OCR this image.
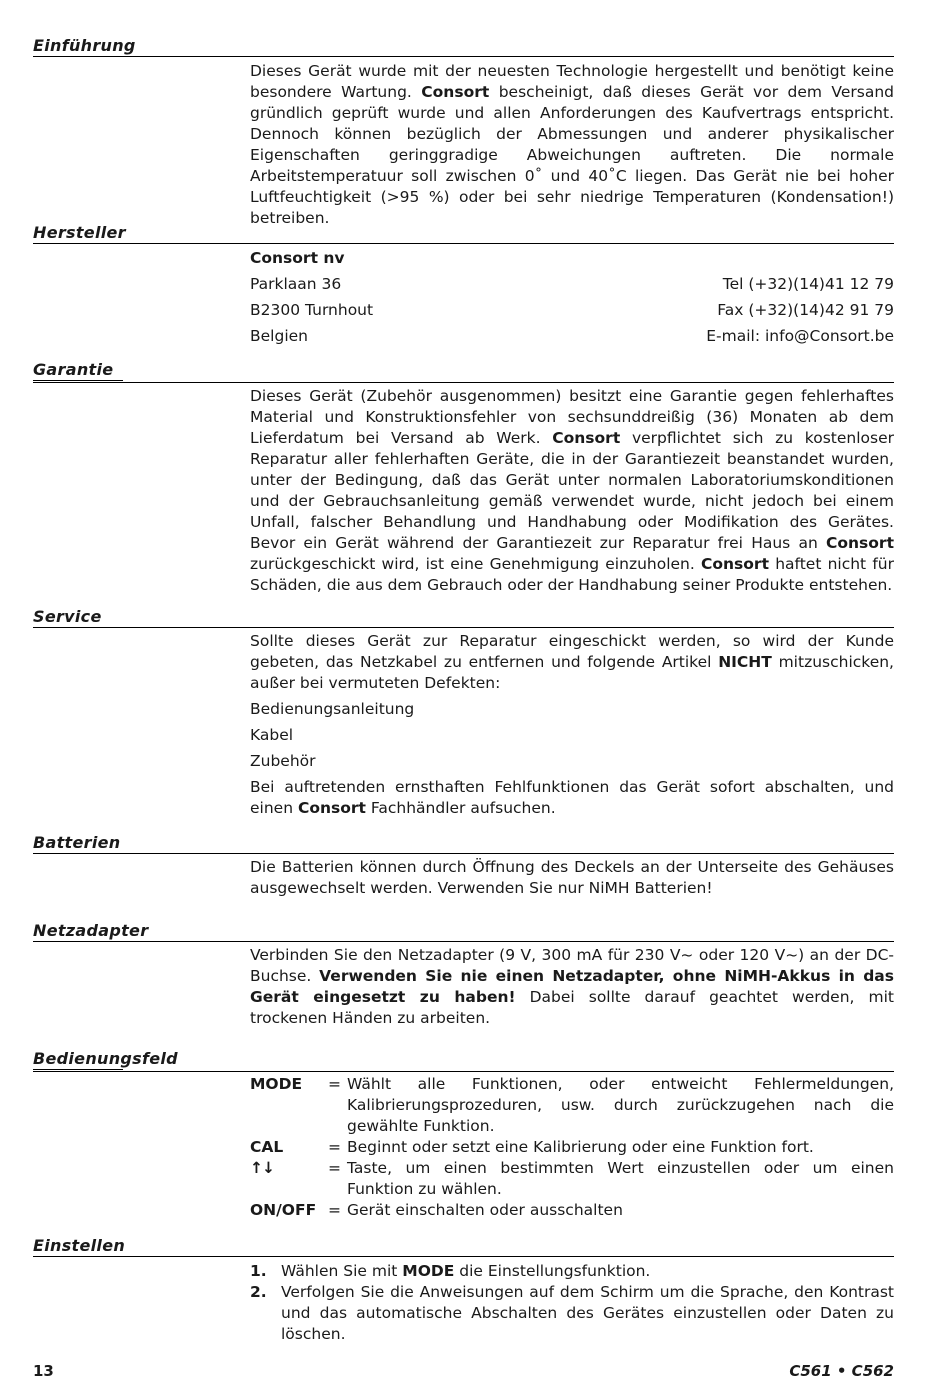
Einführung

Dieses Gerät wurde mit der neuesten Technologie hergestellt und benötigt keine besondere Wartung. Consort bescheinigt, daß dieses Gerät vor dem Versand gründlich geprüft wurde und allen Anforderungen des Kaufvertrags entspricht. Dennoch können bezüglich der Abmessungen und anderer physikalischer Eigenschaften geringgradige Abweichungen auftreten. Die normale Arbeitstemperatuur soll zwischen 0˚ und 40˚C liegen. Das Gerät nie bei hoher Luftfeuchtigkeit (>95 %) oder bei sehr niedrige Temperaturen (Kondensation!) betreiben.

Hersteller
Consort nv
Parklaan 36	Tel (+32)(14)41 12 79
B2300 Turnhout	Fax (+32)(14)42 91 79
Belgien	E-mail: info@Consort.be
Garantie

Dieses Gerät (Zubehör ausgenommen) besitzt eine Garantie gegen fehlerhaftes Material und Konstruktionsfehler von sechsunddreißig (36) Monaten ab dem Lieferdatum bei Versand ab Werk. Consort verpflichtet sich zu kostenloser Reparatur aller fehlerhaften Geräte, die in der Garantiezeit beanstandet wurden, unter der Bedingung, daß das Gerät unter normalen Laboratoriumskonditionen und der Gebrauchsanleitung gemäß verwendet wurde, nicht jedoch bei einem Unfall, falscher Behandlung und Handhabung oder Modifikation des Gerätes. Bevor ein Gerät während der Garantiezeit zur Reparatur frei Haus an Consort zurückgeschickt wird, ist eine Genehmigung einzuholen. Consort haftet nicht für Schäden, die aus dem Gebrauch oder der Handhabung seiner Produkte entstehen.

Service

Sollte dieses Gerät zur Reparatur eingeschickt werden, so wird der Kunde gebeten, das Netzkabel zu entfernen und folgende Artikel NICHT mitzuschicken, außer bei vermuteten Defekten:

Bedienungsanleitung
Kabel
Zubehör

Bei auftretenden ernsthaften Fehlfunktionen das Gerät sofort abschalten, und einen Consort Fachhändler aufsuchen.

Batterien

Die Batterien können durch Öffnung des Deckels an der Unterseite des Gehäuses ausgewechselt werden. Verwenden Sie nur NiMH Batterien!

Netzadapter

Verbinden Sie den Netzadapter (9 V, 300 mA für 230 V~ oder 120 V~) an der DC-Buchse. Verwenden Sie nie einen Netzadapter, ohne NiMH-Akkus in das Gerät eingesetzt zu haben! Dabei sollte darauf geachtet werden, mit trockenen Händen zu arbeiten.

Bedienungsfeld
MODE	= Wählt alle Funktionen, oder entweicht Fehlermeldungen, Kalibrierungsprozeduren, usw. durch zurückzugehen nach die gewählte Funktion.
CAL	= Beginnt oder setzt eine Kalibrierung oder eine Funktion fort.
↑↓	= Taste, um einen bestimmten Wert einzustellen oder um einen Funktion zu wählen.
ON/OFF = Gerät einschalten oder ausschalten
Einstellen
1. Wählen Sie mit MODE die Einstellungsfunktion.
2. Verfolgen Sie die Anweisungen auf dem Schirm um die Sprache, den Kontrast und das automatische Abschalten des Gerätes einzustellen oder Daten zu löschen.
13	C561 • C562
